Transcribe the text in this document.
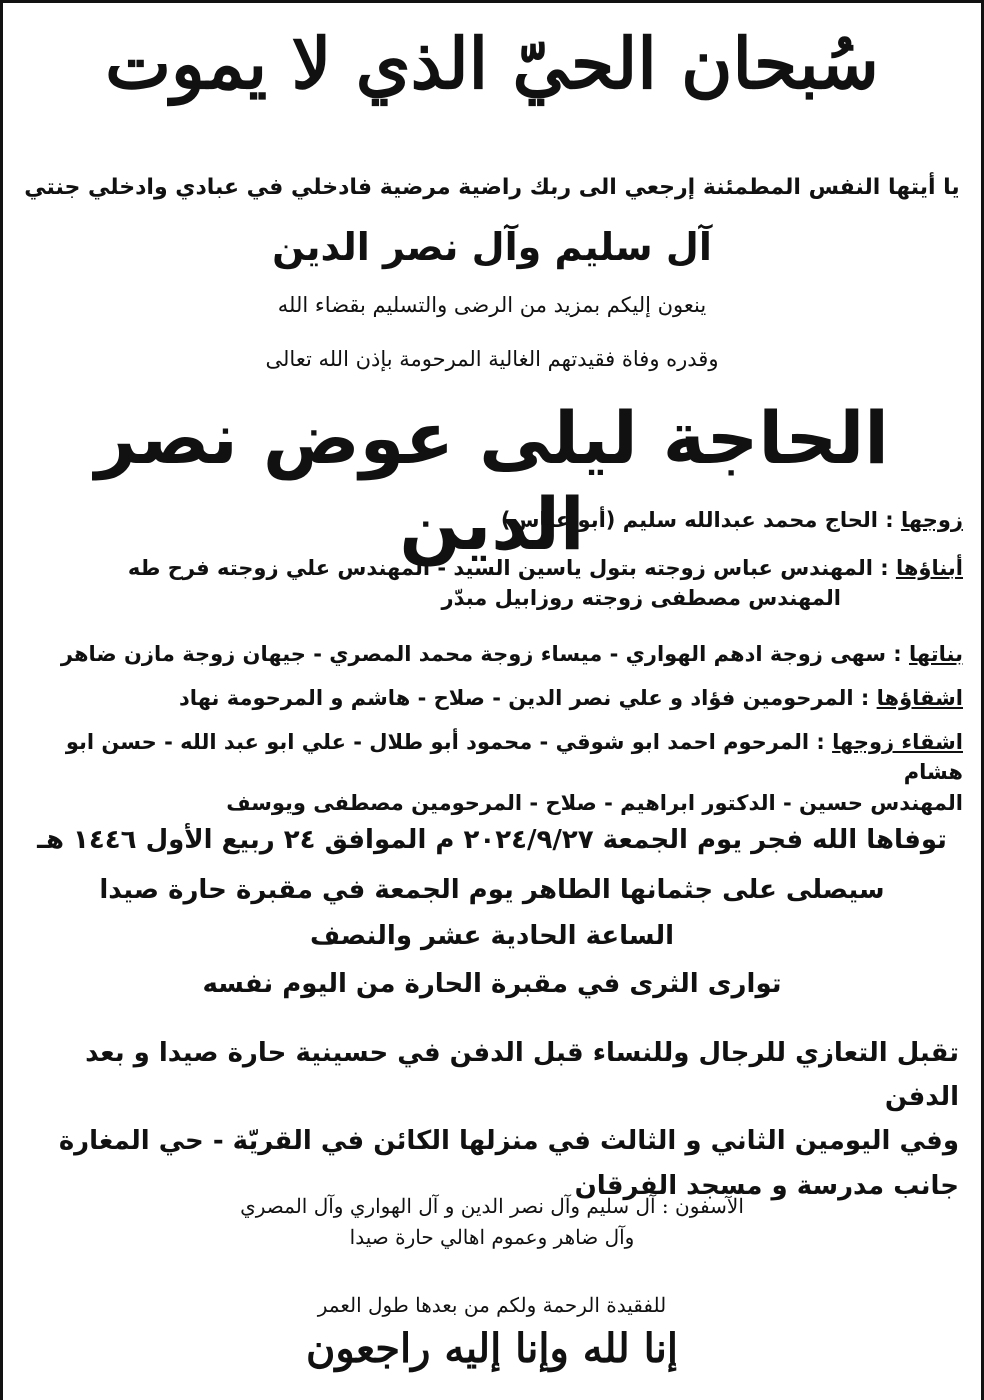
سُبحان الحيّ الذي لا يموت
يا أيتها النفس المطمئنة إرجعي الى ربك راضية مرضية فادخلي في عبادي وادخلي جنتي
آل سليم وآل نصر الدين
ينعون إليكم بمزيد من الرضى والتسليم بقضاء الله
وقدره وفاة فقيدتهم الغالية المرحومة بإذن الله تعالى
الحاجة ليلى عوض نصر الدين	زوجها : الحاج محمد عبدالله سليم (أبو عباس)
أبناؤها : المهندس عباس زوجته بتول ياسين السيد - المهندس علي زوجته فرح طه
المهندس مصطفى زوجته روزابيل مبدّر
بناتها : سهى زوجة ادهم الهواري - ميساء زوجة محمد المصري - جيهان زوجة مازن ضاهر
اشقاؤها : المرحومين فؤاد و علي نصر الدين - صلاح - هاشم و المرحومة نهاد
اشقاء زوجها : المرحوم احمد ابو شوقي - محمود أبو طلال - علي ابو عبد الله - حسن ابو هشام
المهندس حسين - الدكتور ابراهيم - صلاح - المرحومين مصطفى ويوسف
توفاها الله فجر يوم الجمعة ٢٠٢٤/٩/٢٧ م الموافق ٢٤ ربيع الأول ١٤٤٦ هـ
سيصلى على جثمانها الطاهر يوم الجمعة في مقبرة حارة صيدا
الساعة الحادية عشر والنصف
توارى الثرى في مقبرة الحارة من اليوم نفسه
تقبل التعازي للرجال وللنساء قبل الدفن في حسينية حارة صيدا و بعد الدفن
وفي اليومين الثاني و الثالث في منزلها الكائن في القريّة - حي المغارة
جانب مدرسة و مسجد الفرقان
الآسفون : آل سليم وآل نصر الدين و آل الهواري وآل المصري
وآل ضاهر وعموم اهالي حارة صيدا
للفقيدة الرحمة ولكم من بعدها طول العمر
إنا لله وإنا إليه راجعون
